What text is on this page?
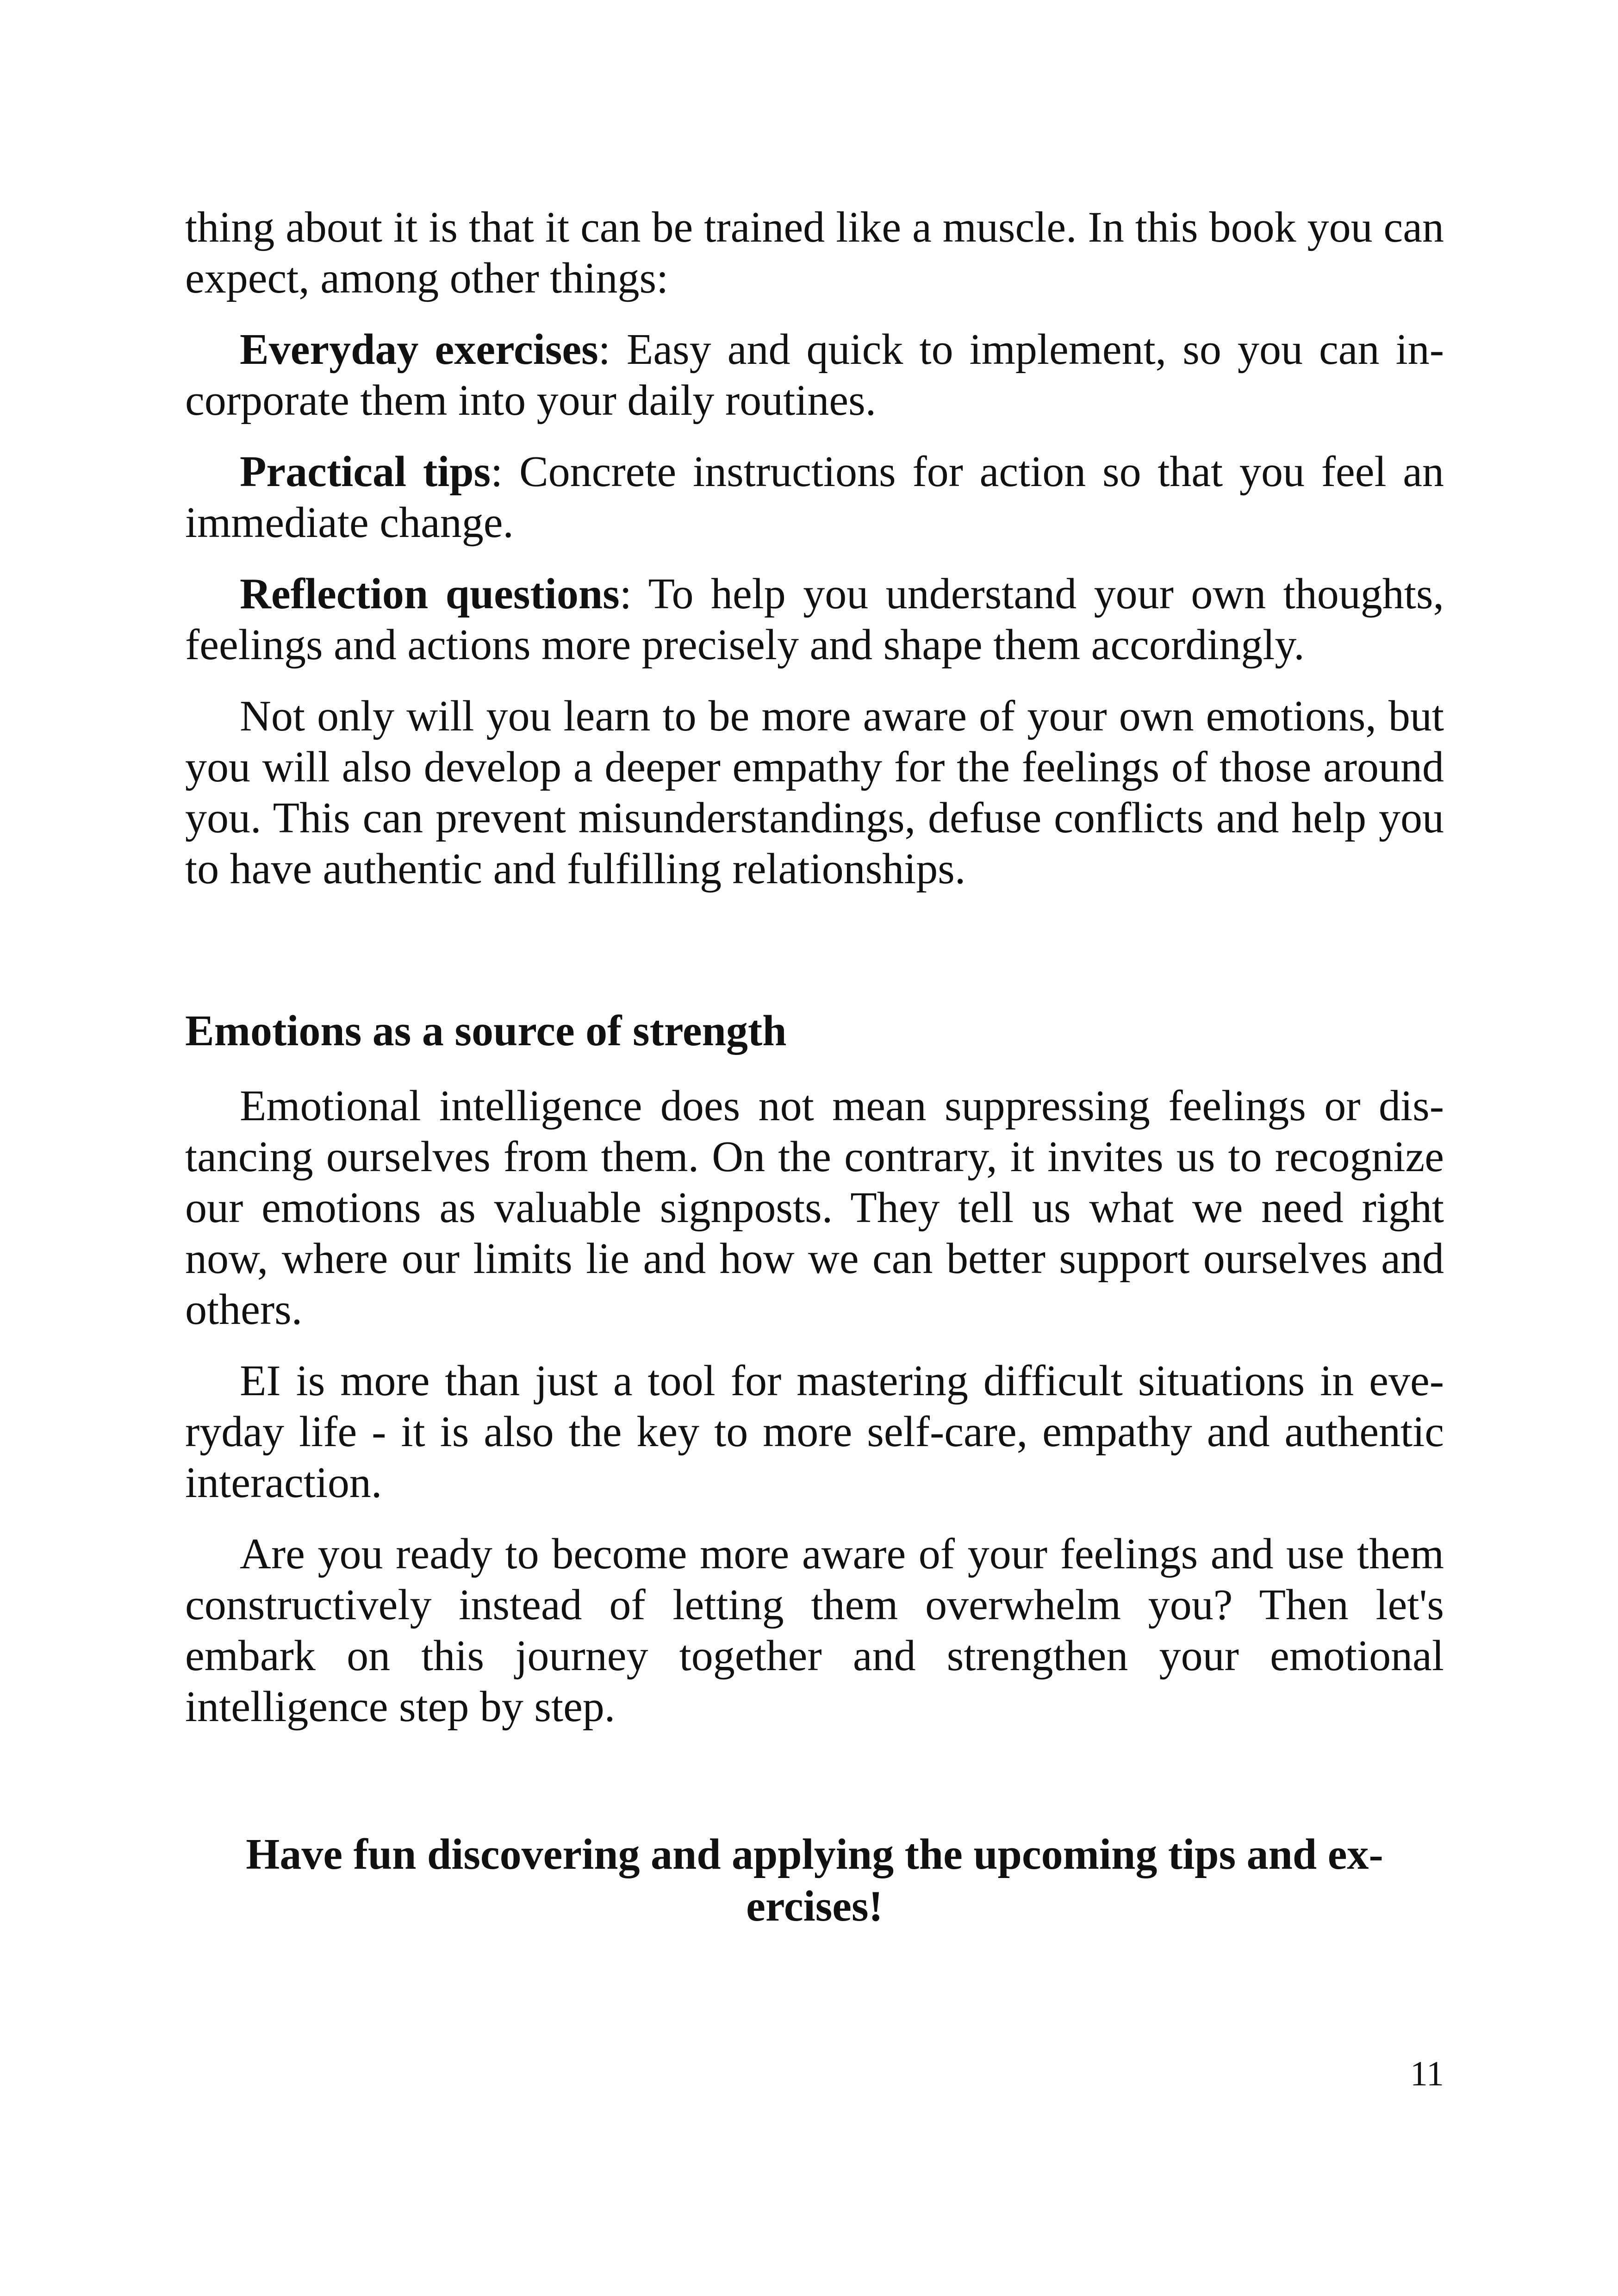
thing about it is that it can be trained like a muscle. In this book you can expect, among other things:

Everyday exercises: Easy and quick to implement, so you can incorporate them into your daily routines.

Practical tips: Concrete instructions for action so that you feel an immediate change.

Reflection questions: To help you understand your own thoughts, feelings and actions more precisely and shape them accordingly.

Not only will you learn to be more aware of your own emotions, but you will also develop a deeper empathy for the feelings of those around you. This can prevent misunderstandings, defuse conflicts and help you to have authentic and fulfilling relationships.

Emotions as a source of strength

Emotional intelligence does not mean suppressing feelings or distancing ourselves from them. On the contrary, it invites us to recognize our emotions as valuable signposts. They tell us what we need right now, where our limits lie and how we can better support ourselves and others.

EI is more than just a tool for mastering difficult situations in everyday life - it is also the key to more self-care, empathy and authentic interaction.

Are you ready to become more aware of your feelings and use them constructively instead of letting them overwhelm you? Then let's embark on this journey together and strengthen your emotional intelligence step by step.

Have fun discovering and applying the upcoming tips and exercises!

11
